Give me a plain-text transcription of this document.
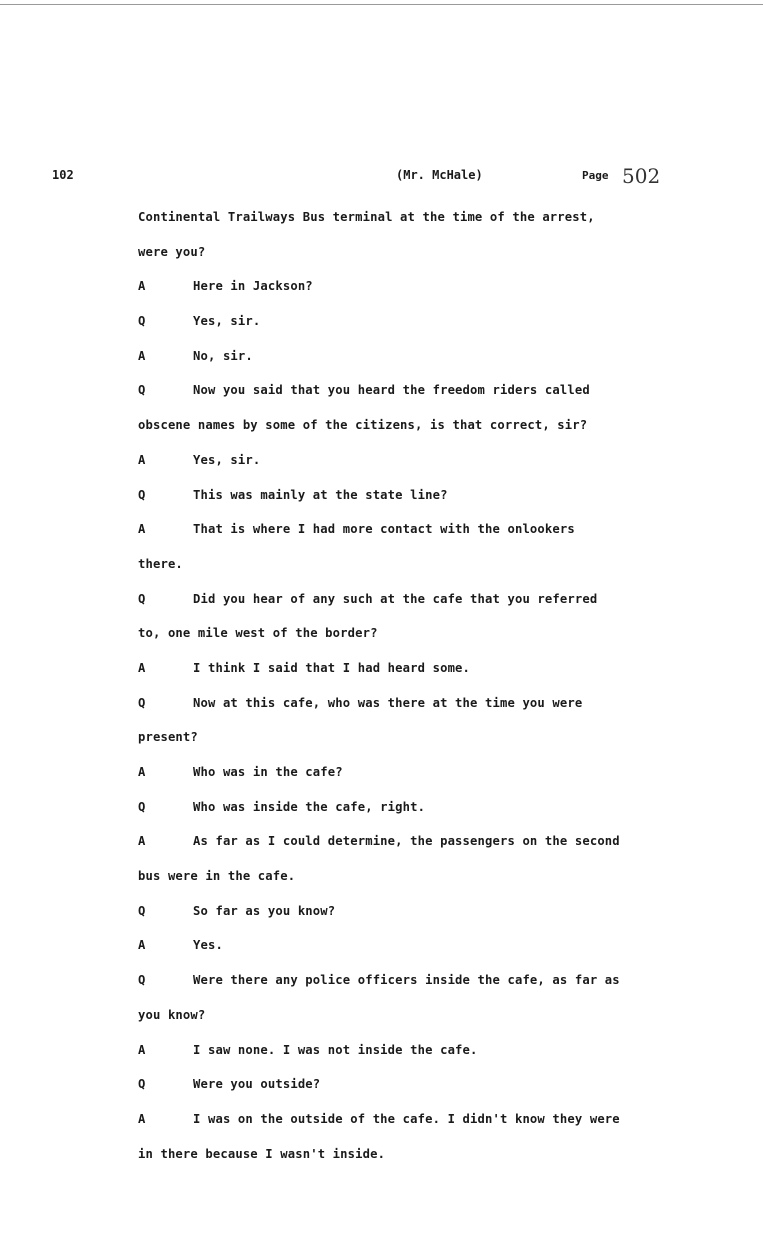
102	(Mr. McHale)	Page 502
Continental Trailways Bus terminal at the time of the arrest,
were you?
A	Here in Jackson?
Q	Yes, sir.
A	No, sir.
Q	Now you said that you heard the freedom riders called
obscene names by some of the citizens, is that correct, sir?
A	Yes, sir.
Q	This was mainly at the state line?
A	That is where I had more contact with the onlookers
there.
Q	Did you hear of any such at the cafe that you referred
to, one mile west of the border?
A	I think I said that I had heard some.
Q	Now at this cafe, who was there at the time you were
present?
A	Who was in the cafe?
Q	Who was inside the cafe, right.
A	As far as I could determine, the passengers on the second
bus were in the cafe.
Q	So far as you know?
A	Yes.
Q	Were there any police officers inside the cafe, as far as
you know?
A	I saw none. I was not inside the cafe.
Q	Were you outside?
A	I was on the outside of the cafe. I didn't know they were
in there because I wasn't inside.
